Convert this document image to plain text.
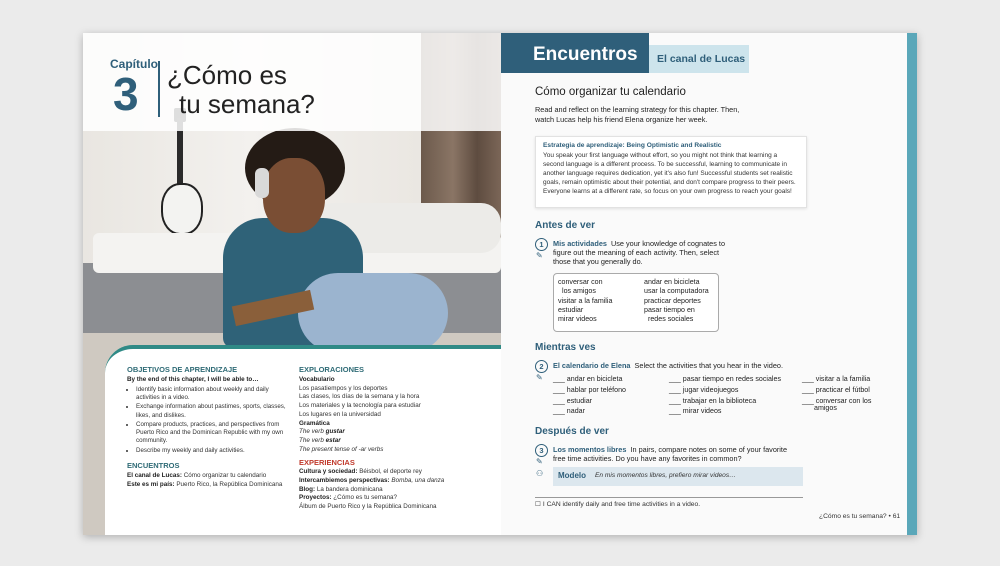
Capítulo
3 ¿Cómo es
tu semana?

OBJETIVOS DE APRENDIZAJE

By the end of this chapter, I will be able to…

• Identify basic information about weekly and daily activities in a video.
• Exchange information about pastimes, sports, classes, likes, and dislikes.
• Compare products, practices, and perspectives from Puerto Rico and the Dominican Republic with my own community.
• Describe my weekly and daily activities.

ENCUENTROS

El canal de Lucas: Cómo organizar tu calendario

Este es mi país: Puerto Rico, la República Dominicana

EXPLORACIONES

Vocabulario

Los pasatiempos y los deportes

Las clases, los días de la semana y la hora

Los materiales y la tecnología para estudiar

Los lugares en la universidad

Gramática

The verb gustar

The verb estar

The present tense of -ar verbs

EXPERIENCIAS

Cultura y sociedad: Béisbol, el deporte rey

Intercambiemos perspectivas: Bomba, una danza

Blog: La bandera dominicana

Proyectos: ¿Cómo es tu semana?

Álbum de Puerto Rico y la República Dominicana

Encuentros	El canal de Lucas
Cómo organizar tu calendario
Read and reflect on the learning strategy for this chapter. Then, watch Lucas help his friend Elena organize her week.
Estrategia de aprendizaje: Being Optimistic and Realistic
You speak your first language without effort, so you might not think that learning a second language is a different process. To be successful, learning to communicate in another language requires dedication, yet it's also fun! Successful students set realistic goals, remain optimistic about their potential, and don't compare progress to their peers. Everyone learns at a different rate, so focus on your own progress to reach your goals!
Antes de ver
1
✎
Mis actividades Use your knowledge of cognates to
figure out the meaning of each activity. Then, select
those that you generally do.
conversar con
los amigos
visitar a la familia
estudiar
mirar videos
andar en bicicleta
usar la computadora
practicar deportes
pasar tiempo en
redes sociales
Mientras ves
2
✎
El calendario de Elena Select the activities that you hear in the video.
___ andar en bicicleta
___ hablar por teléfono
___ estudiar
___ nadar
___ pasar tiempo en redes sociales
___ jugar videojuegos
___ trabajar en la biblioteca
___ mirar videos
___ visitar a la familia
___ practicar el fútbol
___ conversar con los
amigos
Después de ver
3
✎
⚇
Los momentos libres In pairs, compare notes on some of your favorite
free time activities. Do you have any favorites in common?
Modelo En mis momentos libres, prefiero mirar videos…
☐ I CAN identify daily and free time activities in a video.
¿Cómo es tu semana? • 61
